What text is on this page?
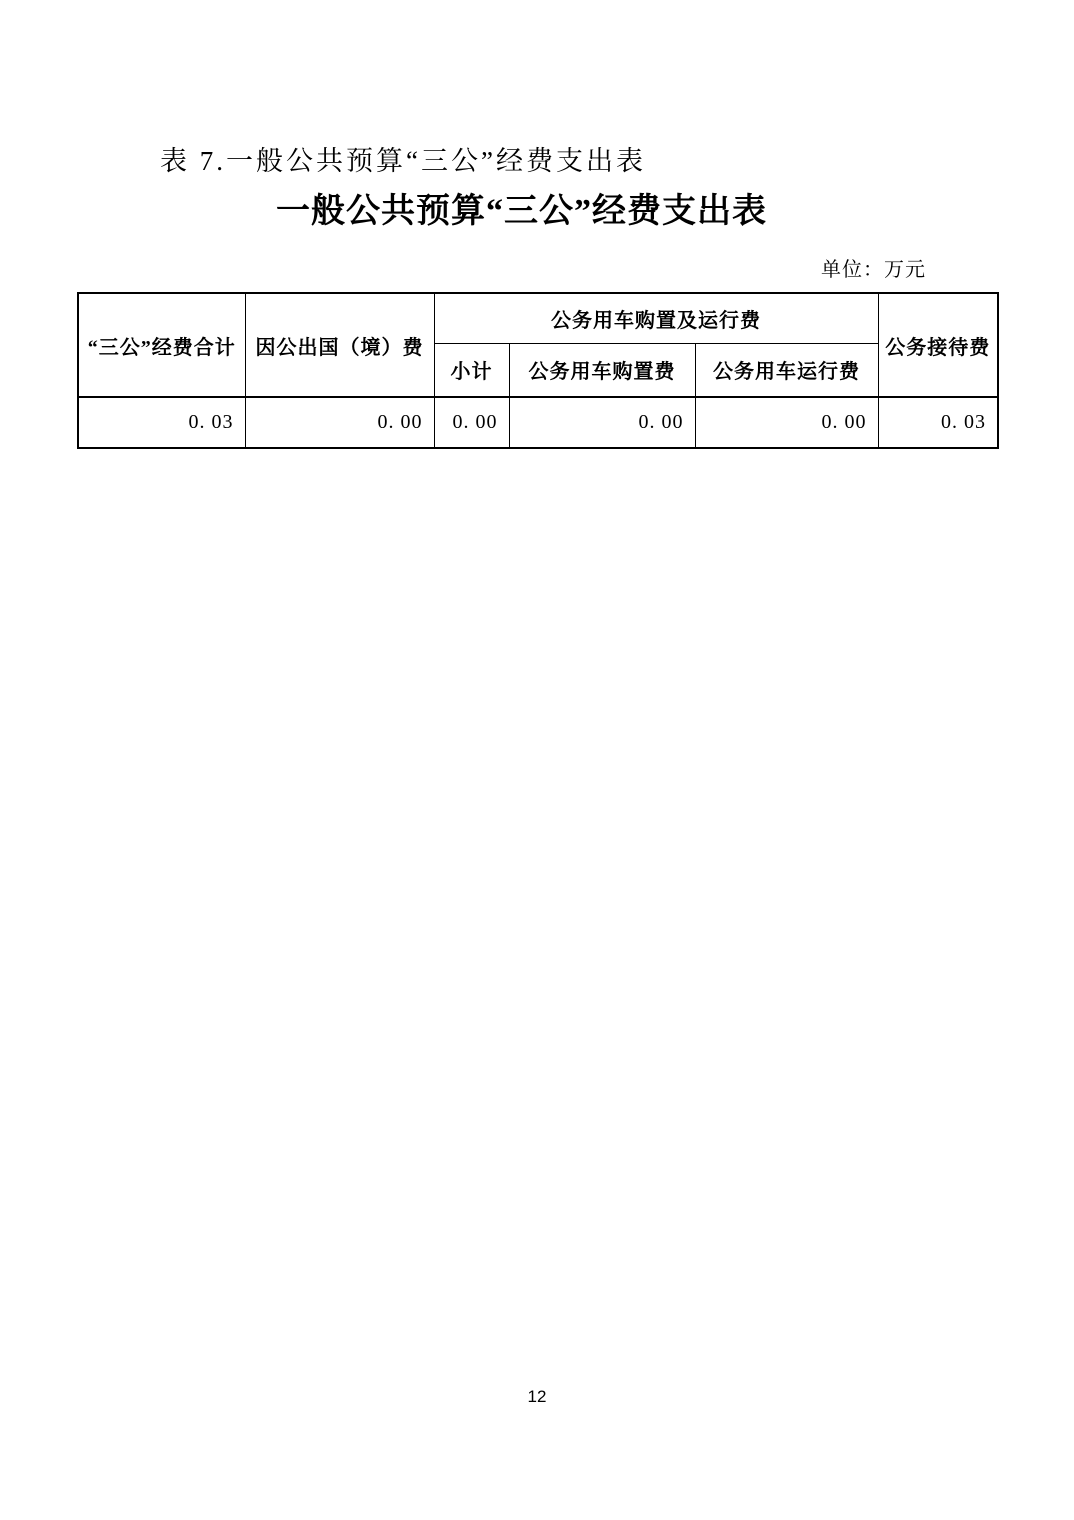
表 7.一般公共预算“三公”经费支出表
一般公共预算“三公”经费支出表
单位：万元
“三公”经费合计	因公出国（境）费	公务用车购置及运行费			公务接待费
		小计	公务用车购置费	公务用车运行费	
0. 03	0. 00	0. 00	0. 00	0. 00	0. 03
12
